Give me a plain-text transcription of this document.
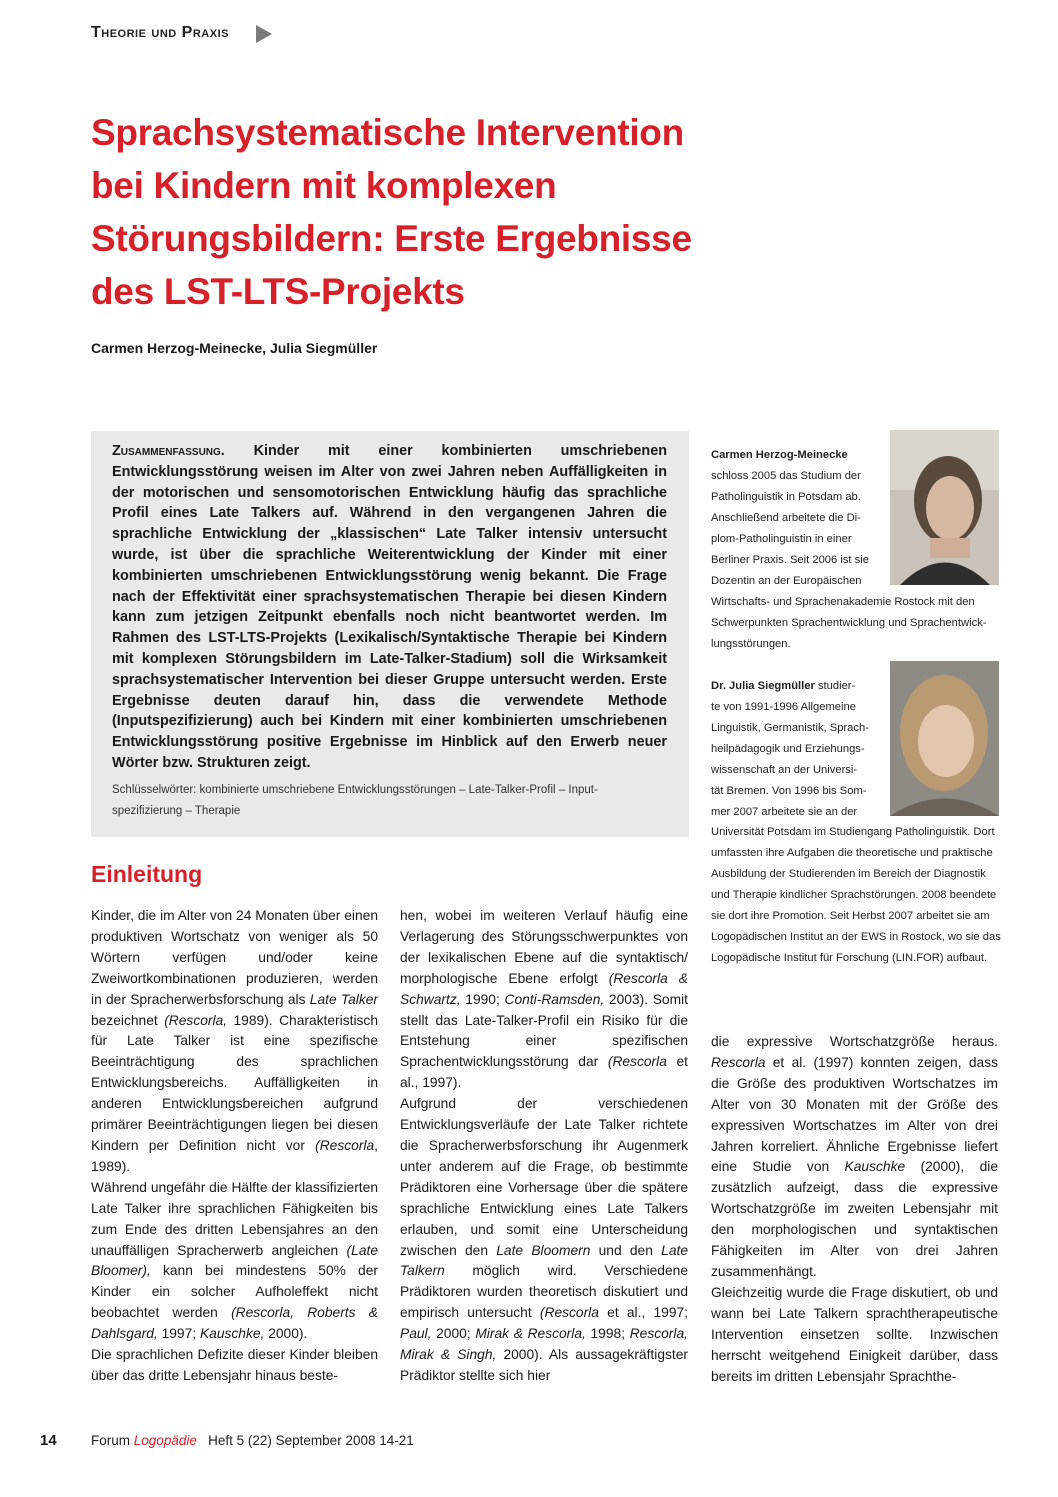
Theorie und Praxis
Sprachsystematische Intervention
bei Kindern mit komplexen
Störungsbildern: Erste Ergebnisse
des LST-LTS-Projekts
Carmen Herzog-Meinecke, Julia Siegmüller
Zusammenfassung. Kinder mit einer kombinierten umschriebenen Entwicklungsstörung weisen im Alter von zwei Jahren neben Auffälligkeiten in der motorischen und sensomotorischen Entwicklung häufig das sprachliche Profil eines Late Talkers auf. Während in den vergangenen Jahren die sprachliche Entwicklung der „klassischen“ Late Talker intensiv untersucht wurde, ist über die sprachliche Weiterentwicklung der Kinder mit einer kombinierten umschriebenen Entwicklungsstörung wenig bekannt. Die Frage nach der Effektivität einer sprachsystematischen Therapie bei diesen Kindern kann zum jetzigen Zeitpunkt ebenfalls noch nicht beantwortet werden. Im Rahmen des LST-LTS-Projekts (Lexikalisch/Syntaktische Therapie bei Kindern mit komplexen Störungsbildern im Late-Talker-Stadium) soll die Wirksamkeit sprachsystematischer Intervention bei dieser Gruppe untersucht werden. Erste Ergebnisse deuten darauf hin, dass die verwendete Methode (Inputspezifizierung) auch bei Kindern mit einer kombinierten umschriebenen Entwicklungsstörung positive Ergebnisse im Hinblick auf den Erwerb neuer Wörter bzw. Strukturen zeigt.
Schlüsselwörter: kombinierte umschriebene Entwicklungsstörungen – Late-Talker-Profil – Input-spezifizierung – Therapie
Carmen Herzog-Meinecke
schloss 2005 das Studium der
Patholinguistik in Potsdam ab.
Anschließend arbeitete die Di-
plom-Patholinguistin in einer
Berliner Praxis. Seit 2006 ist sie
Dozentin an der Europäischen
Wirtschafts- und Sprachenakademie Rostock mit den
Schwerpunkten Sprachentwicklung und Sprachentwick-
lungsstörungen.
Dr. Julia Siegmüller studier-
te von 1991-1996 Allgemeine
Linguistik, Germanistik, Sprach-
heilpädagogik und Erziehungs-
wissenschaft an der Universi-
tät Bremen. Von 1996 bis Som-
mer 2007 arbeitete sie an der
Universität Potsdam im Studiengang Patholinguistik. Dort
umfassten ihre Aufgaben die theoretische und praktische
Ausbildung der Studierenden im Bereich der Diagnostik
und Therapie kindlicher Sprachstörungen. 2008 beendete
sie dort ihre Promotion. Seit Herbst 2007 arbeitet sie am
Logopädischen Institut an der EWS in Rostock, wo sie das
Logopädische Institut für Forschung (LIN.FOR) aufbaut.
Einleitung

Kinder, die im Alter von 24 Monaten über einen produktiven Wortschatz von weniger als 50 Wörtern verfügen und/oder keine Zweiwortkombinationen produzieren, werden in der Spracherwerbsforschung als Late Talker bezeichnet (Rescorla, 1989). Charakteristisch für Late Talker ist eine spezifische Beeinträchtigung des sprachlichen Entwicklungsbereichs. Auffälligkeiten in anderen Entwicklungsbereichen aufgrund primärer Beeinträchtigungen liegen bei diesen Kindern per Definition nicht vor (Rescorla, 1989).

Während ungefähr die Hälfte der klassifizierten Late Talker ihre sprachlichen Fähigkeiten bis zum Ende des dritten Lebensjahres an den unauffälligen Spracherwerb angleichen (Late Bloomer), kann bei mindestens 50% der Kinder ein solcher Aufholeffekt nicht beobachtet werden (Rescorla, Roberts & Dahlsgard, 1997; Kauschke, 2000).

Die sprachlichen Defizite dieser Kinder bleiben über das dritte Lebensjahr hinaus beste-

hen, wobei im weiteren Verlauf häufig eine Verlagerung des Störungsschwerpunktes von der lexikalischen Ebene auf die syntaktisch/ morphologische Ebene erfolgt (Rescorla & Schwartz, 1990; Conti-Ramsden, 2003). Somit stellt das Late-Talker-Profil ein Risiko für die Entstehung einer spezifischen Sprachentwicklungsstörung dar (Rescorla et al., 1997).

Aufgrund der verschiedenen Entwicklungsverläufe der Late Talker richtete die Spracherwerbsforschung ihr Augenmerk unter anderem auf die Frage, ob bestimmte Prädiktoren eine Vorhersage über die spätere sprachliche Entwicklung eines Late Talkers erlauben, und somit eine Unterscheidung zwischen den Late Bloomern und den Late Talkern möglich wird. Verschiedene Prädiktoren wurden theoretisch diskutiert und empirisch untersucht (Rescorla et al., 1997; Paul, 2000; Mirak & Rescorla, 1998; Rescorla, Mirak & Singh, 2000). Als aussagekräftigster Prädiktor stellte sich hier

die expressive Wortschatzgröße heraus. Rescorla et al. (1997) konnten zeigen, dass die Größe des produktiven Wortschatzes im Alter von 30 Monaten mit der Größe des expressiven Wortschatzes im Alter von drei Jahren korreliert. Ähnliche Ergebnisse liefert eine Studie von Kauschke (2000), die zusätzlich aufzeigt, dass die expressive Wortschatzgröße im zweiten Lebensjahr mit den morphologischen und syntaktischen Fähigkeiten im Alter von drei Jahren zusammenhängt.

Gleichzeitig wurde die Frage diskutiert, ob und wann bei Late Talkern sprachtherapeutische Intervention einsetzen sollte. Inzwischen herrscht weitgehend Einigkeit darüber, dass bereits im dritten Lebensjahr Sprachthe-

14	Forum Logopädie Heft 5 (22) September 2008 14-21
